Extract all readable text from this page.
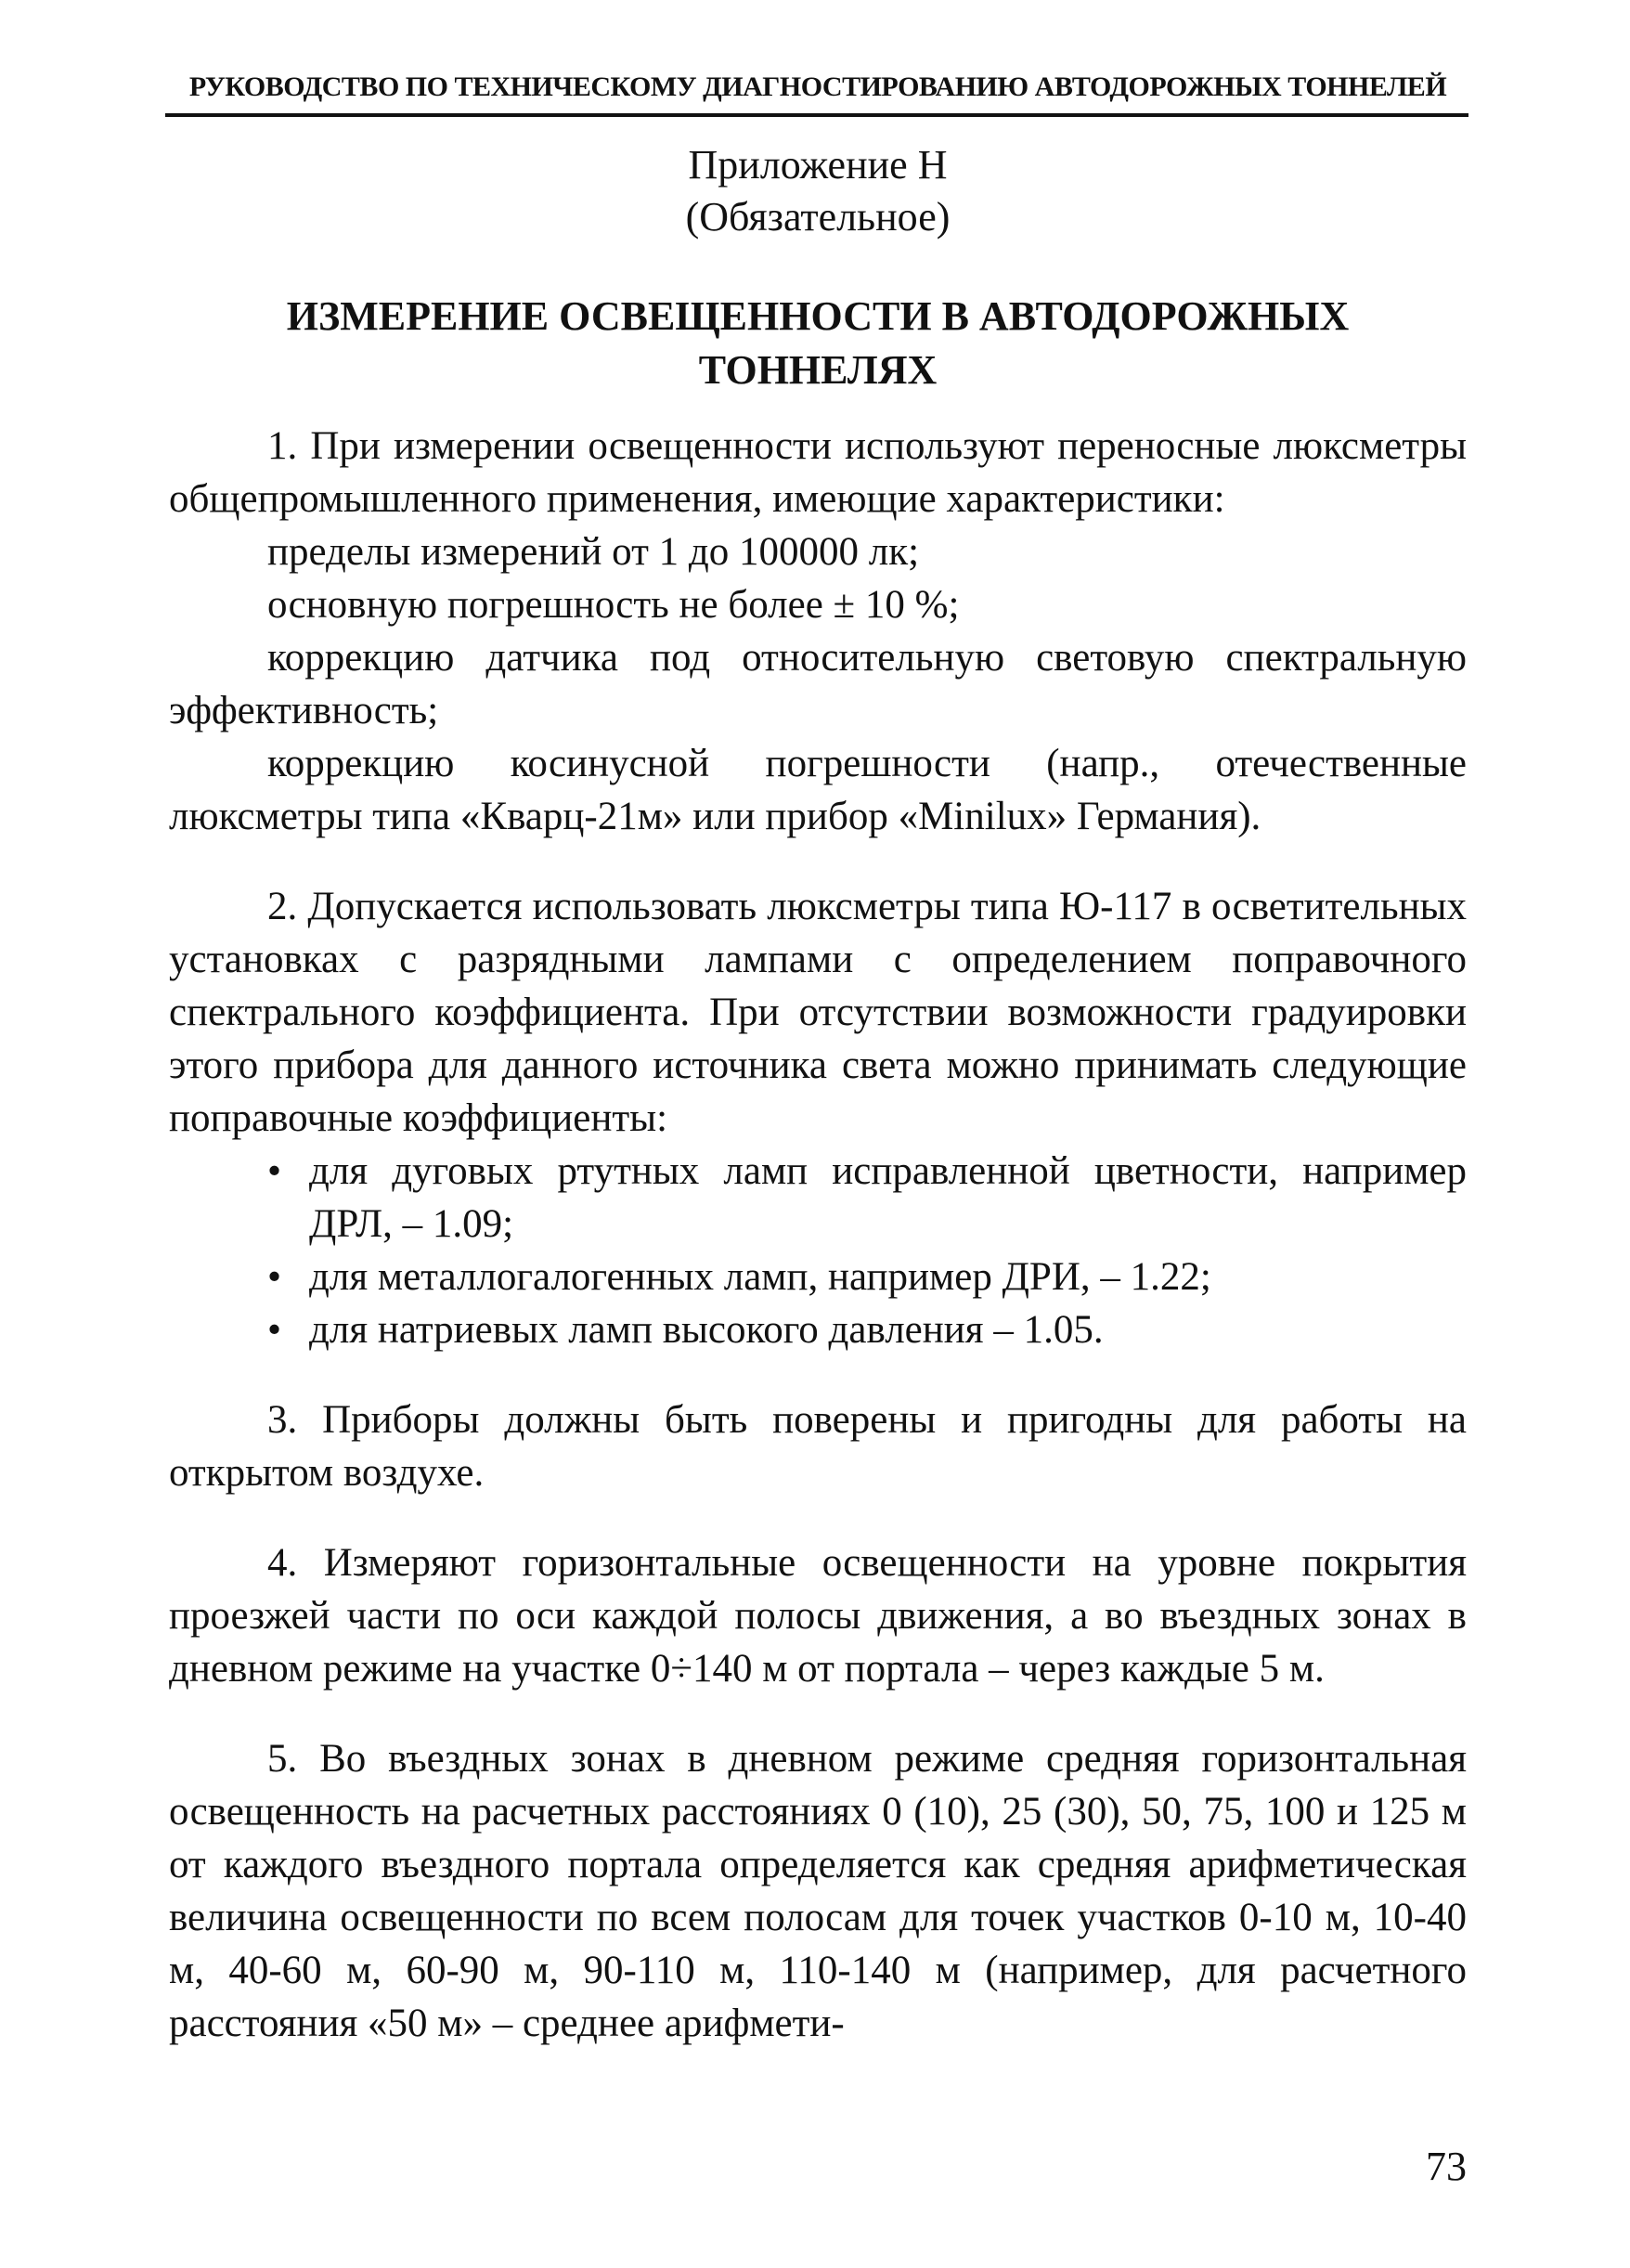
РУКОВОДСТВО ПО ТЕХНИЧЕСКОМУ ДИАГНОСТИРОВАНИЮ АВТОДОРОЖНЫХ ТОННЕЛЕЙ
Приложение Н
(Обязательное)
ИЗМЕРЕНИЕ ОСВЕЩЕННОСТИ В АВТОДОРОЖНЫХ
ТОННЕЛЯХ

1. При измерении освещенности используют переносные люксметры общепромышленного применения, имеющие характеристики:

пределы измерений от 1 до 100000 лк;

основную погрешность не более ± 10 %;

коррекцию датчика под относительную световую спектральную эффективность;

коррекцию косинусной погрешности (напр., отечественные люксметры типа «Кварц-21м» или прибор «Minilux» Германия).

2. Допускается использовать люксметры типа Ю-117 в осветительных установках с разрядными лампами с определением поправочного спектрального коэффициента. При отсутствии возможности градуировки этого прибора для данного источника света можно принимать следующие поправочные коэффициенты:

• для дуговых ртутных ламп исправленной цветности, например ДРЛ, – 1.09;
• для металлогалогенных ламп, например ДРИ, – 1.22;
• для натриевых ламп высокого давления – 1.05.

3. Приборы должны быть поверены и пригодны для работы на открытом воздухе.

4. Измеряют горизонтальные освещенности на уровне покрытия проезжей части по оси каждой полосы движения, а во въездных зонах в дневном режиме на участке 0÷140 м от портала – через каждые 5 м.

5. Во въездных зонах в дневном режиме средняя горизонтальная освещенность на расчетных расстояниях 0 (10), 25 (30), 50, 75, 100 и 125 м от каждого въездного портала определяется как средняя арифметическая величина освещенности по всем полосам для точек участков 0-10 м, 10-40 м, 40-60 м, 60-90 м, 90-110 м, 110-140 м (например, для расчетного расстояния «50 м» – среднее арифмети-

73
